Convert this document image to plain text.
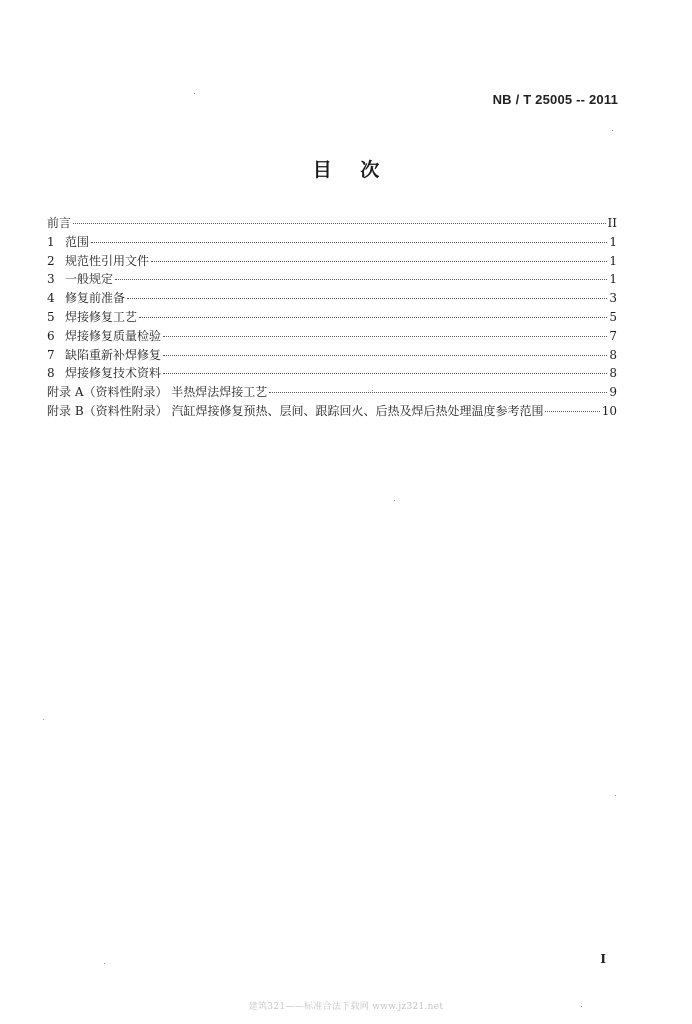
NB / T 25005 -- 2011
目 次
前言	II
1 范围	1
2 规范性引用文件	1
3 一般规定	1
4 修复前准备	3
5 焊接修复工艺	5
6 焊接修复质量检验	7
7 缺陷重新补焊修复	8
8 焊接修复技术资料	8
附录 A（资料性附录） 半热焊法焊接工艺	9
附录 B（资料性附录） 汽缸焊接修复预热、层间、跟踪回火、后热及焊后热处理温度参考范围	10
I
建筑321——标准合法下载网 www.jz321.net
